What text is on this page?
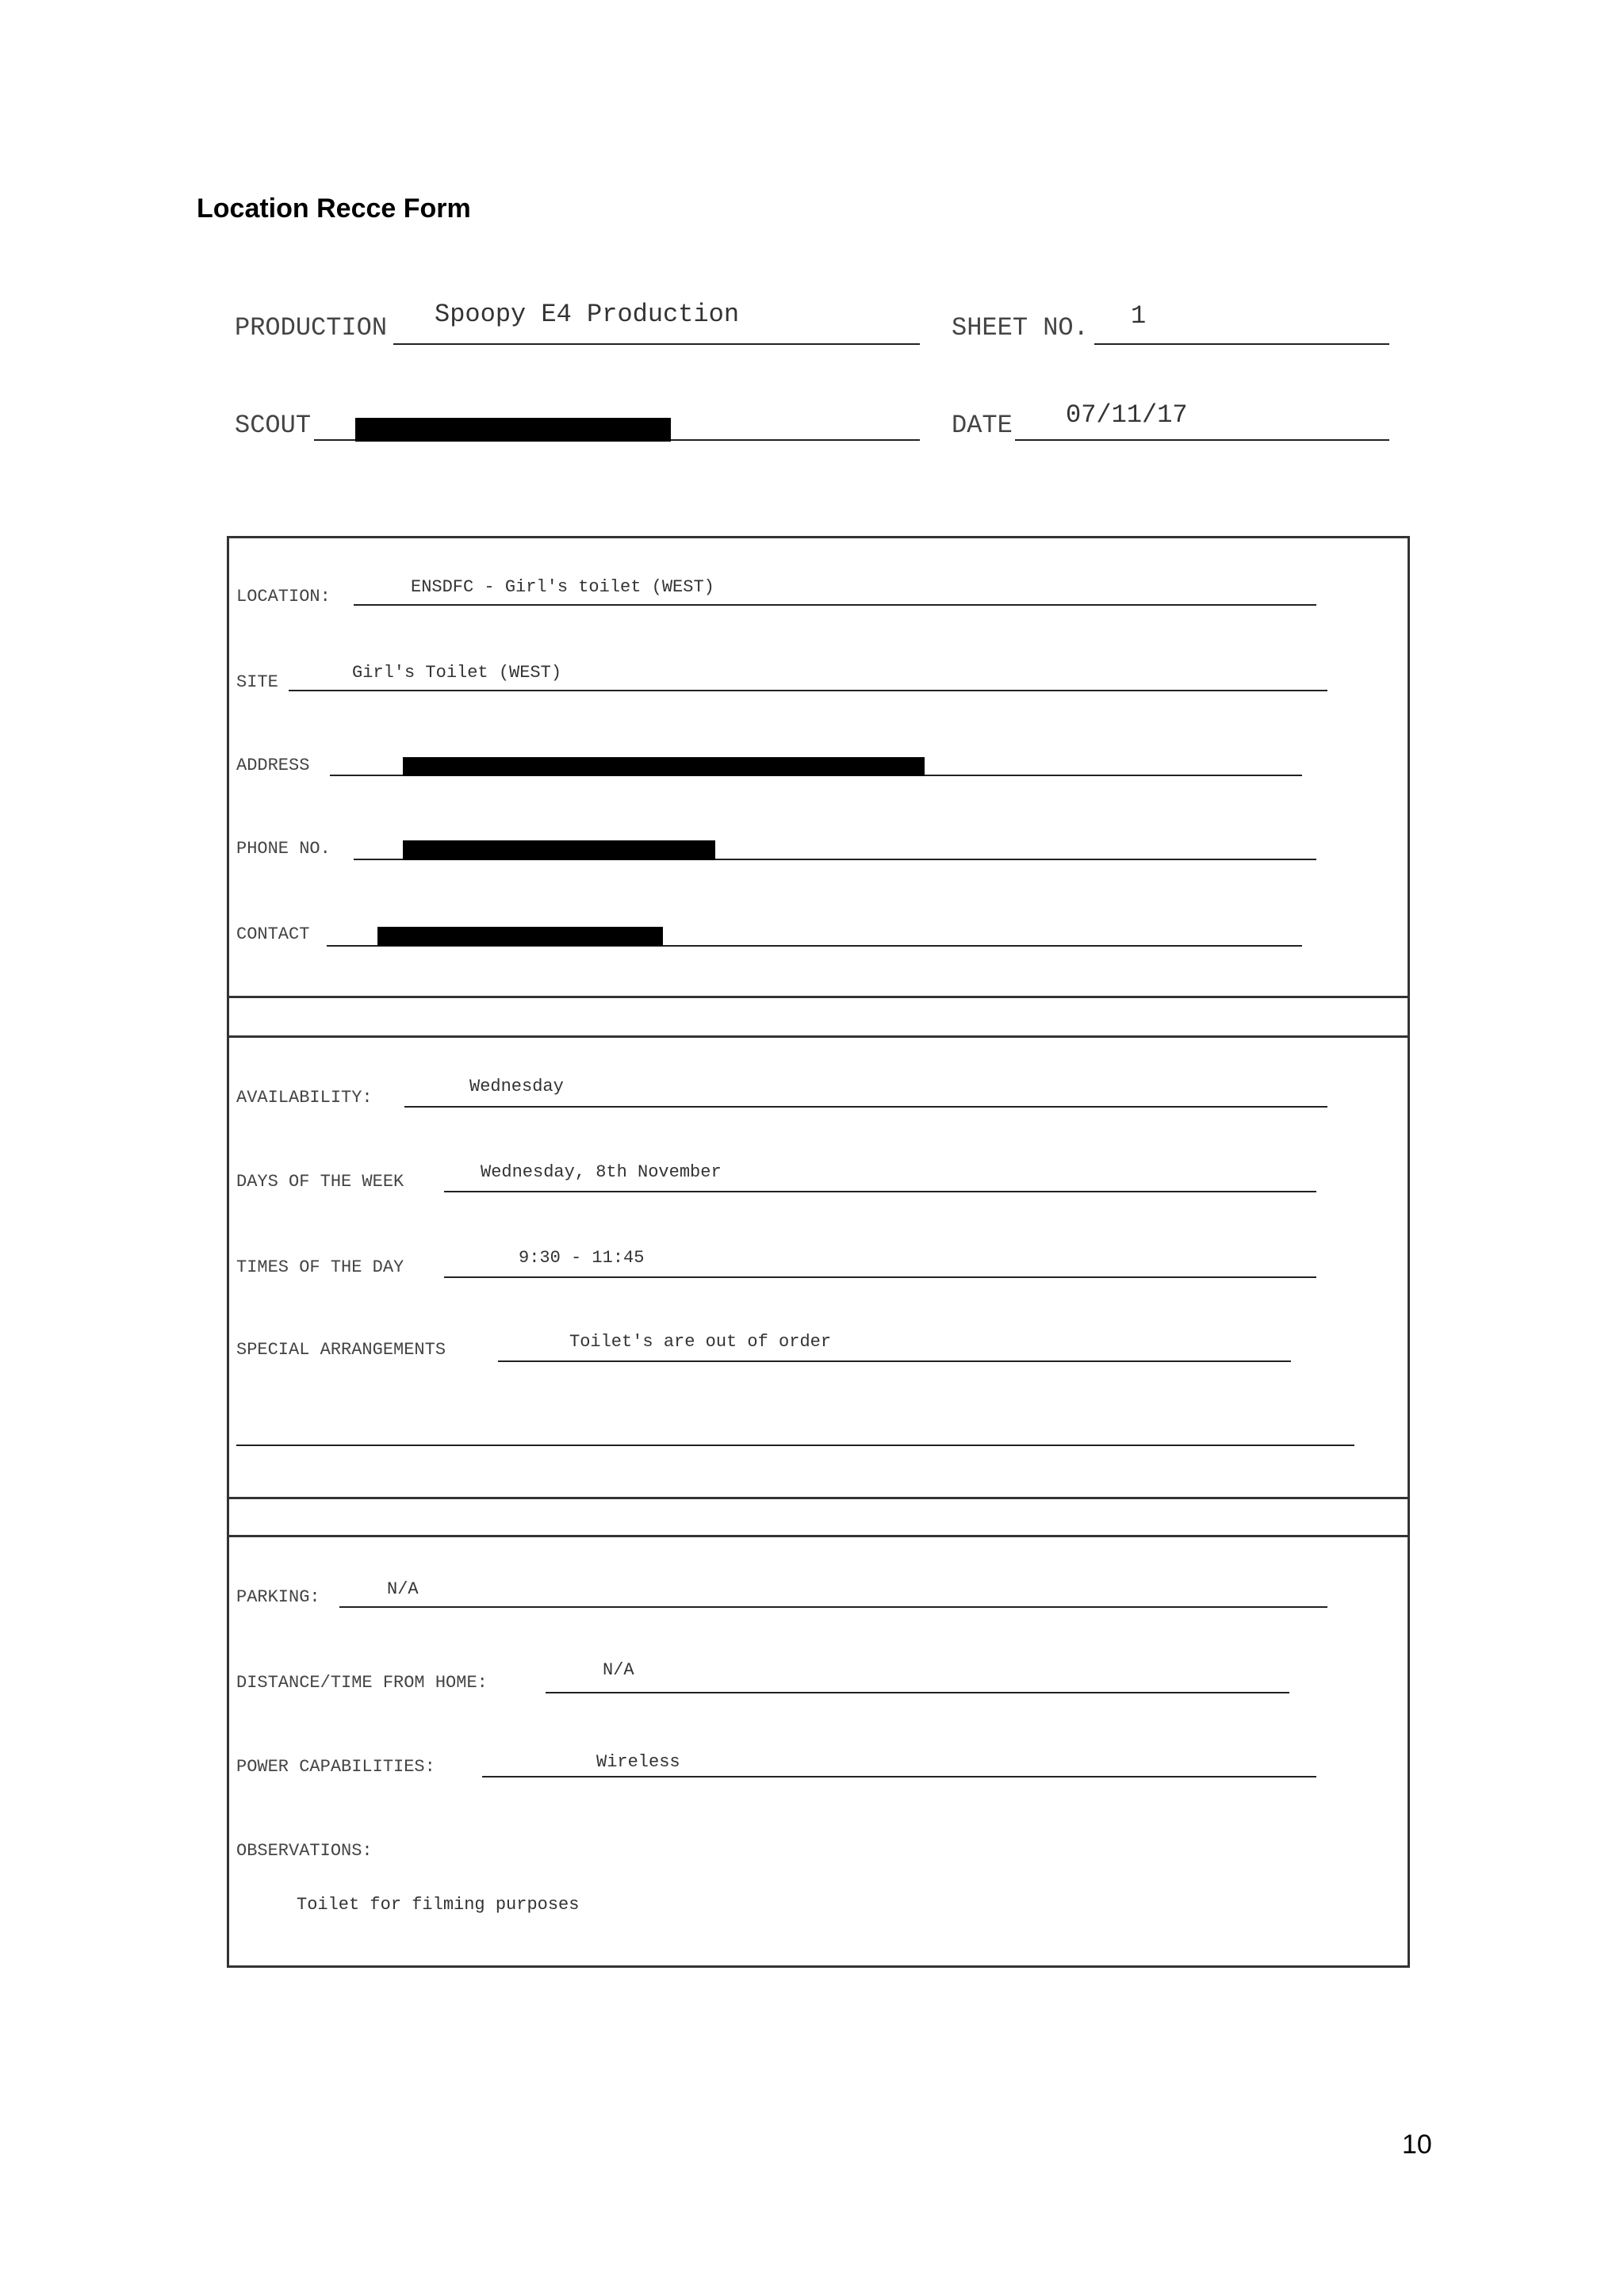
Location Recce Form
PRODUCTION Spoopy E4 Production	SHEET NO. 1
SCOUT	DATE 07/11/17
LOCATION:	ENSDFC - Girl's toilet (WEST)
SITE	Girl's Toilet (WEST)
ADDRESS
PHONE NO.
CONTACT
AVAILABILITY:
Wednesday
DAYS OF THE WEEK	Wednesday, 8th November
TIMES OF THE DAY	9:30 - 11:45
SPECIAL ARRANGEMENTS	Toilet's are out of order
PARKING:	N/A
DISTANCE/TIME FROM HOME:
N/A
POWER CAPABILITIES:	Wireless
OBSERVATIONS:
Toilet for filming purposes
10
